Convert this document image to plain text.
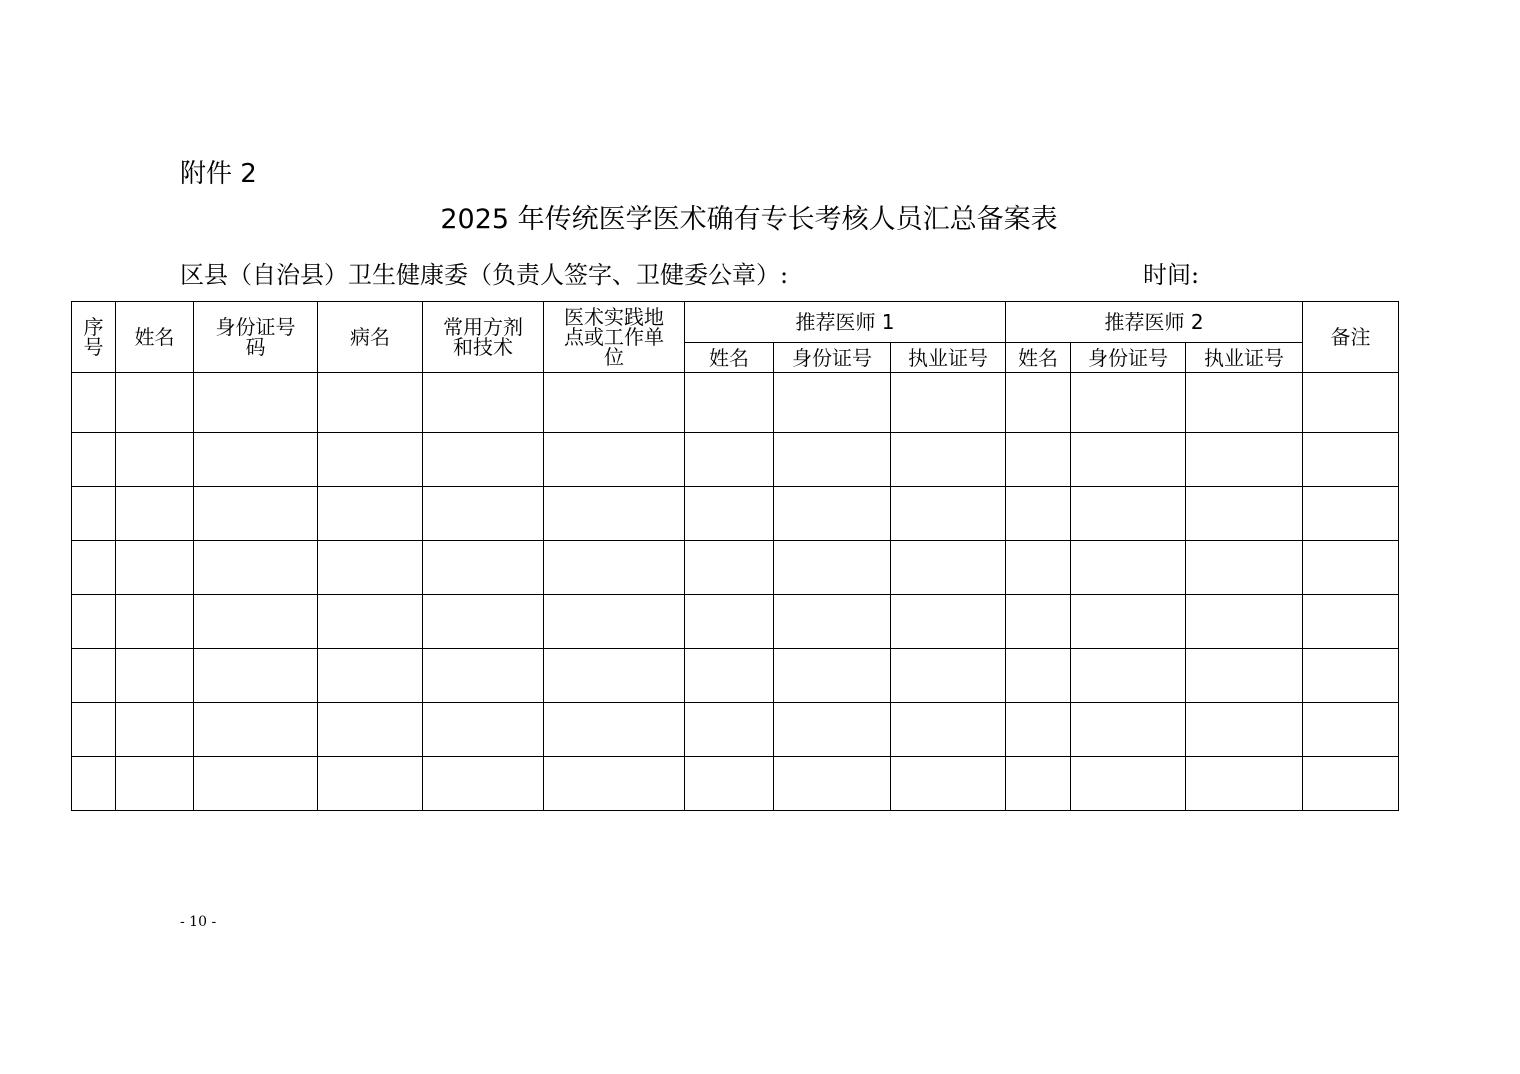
附件 2
2025 年传统医学医术确有专长考核人员汇总备案表
区县（自治县）卫生健康委（负责人签字、卫健委公章）:	时间:
序号	姓名	身份证号码	病名	常用方剂和技术	医术实践地点或工作单位	推荐医师 1			推荐医师 2			备注
						姓名	身份证号	执业证号	姓名	身份证号	执业证号	

- 10 -
